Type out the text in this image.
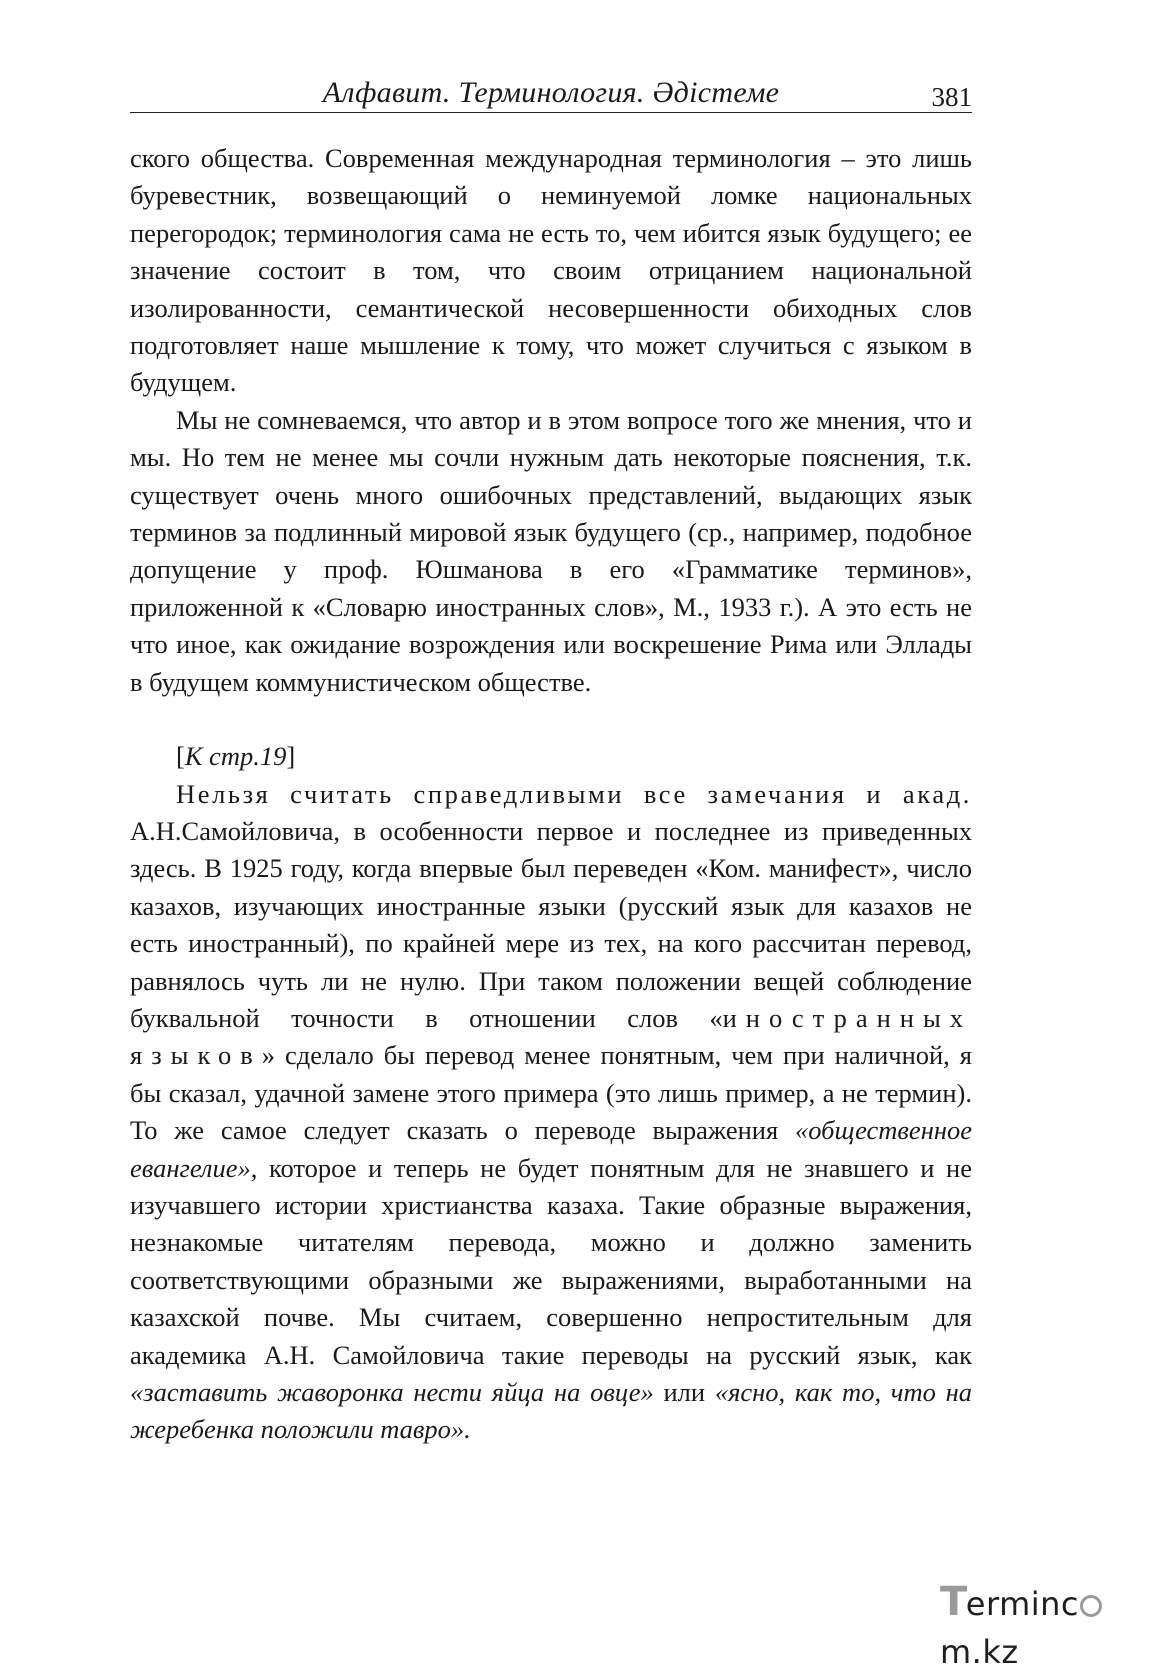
Алфавит. Терминология. Әдістеме	381

ского общества. Современная международная терминология – это лишь буревестник, возвещающий о неминуемой ломке национальных перегородок; терминология сама не есть то, чем ибится язык будущего; ее значение состоит в том, что своим отрицанием национальной изолированности, семантической несовершенности обиходных слов подготовляет наше мышление к тому, что может случиться с языком в будущем.

Мы не сомневаемся, что автор и в этом вопросе того же мнения, что и мы. Но тем не менее мы сочли нужным дать некоторые пояснения, т.к. существует очень много ошибочных представлений, выдающих язык терминов за подлинный мировой язык будущего (ср., например, подобное допущение у проф. Юшманова в его «Грамматике терминов», приложенной к «Словарю иностранных слов», М., 1933 г.). А это есть не что иное, как ожидание возрождения или воскрешение Рима или Эллады в будущем коммунистическом обществе.

[К стр.19]

Нельзя считать справедливыми все замечания и акад. А.Н.Самойловича, в особенности первое и последнее из приведенных здесь. В 1925 году, когда впервые был переведен «Ком. манифест», число казахов, изучающих иностранные языки (русский язык для казахов не есть иностранный), по крайней мере из тех, на кого рассчитан перевод, равнялось чуть ли не нулю. При таком положении вещей соблюдение буквальной точности в отношении слов «иностранных языков» сделало бы перевод менее понятным, чем при наличной, я бы сказал, удачной замене этого примера (это лишь пример, а не термин). То же самое следует сказать о переводе выражения «общественное евангелие», которое и теперь не будет понятным для не знавшего и не изучавшего истории христианства казаха. Такие образные выражения, незнакомые читателям перевода, можно и должно заменить соответствующими образными же выражениями, выработанными на казахской почве. Мы считаем, совершенно непростительным для академика А.Н. Самойловича такие переводы на русский язык, как «заставить жаворонка нести яйца на овце» или «ясно, как то, что на жеребенка положили тавро».

Termincm.kz
